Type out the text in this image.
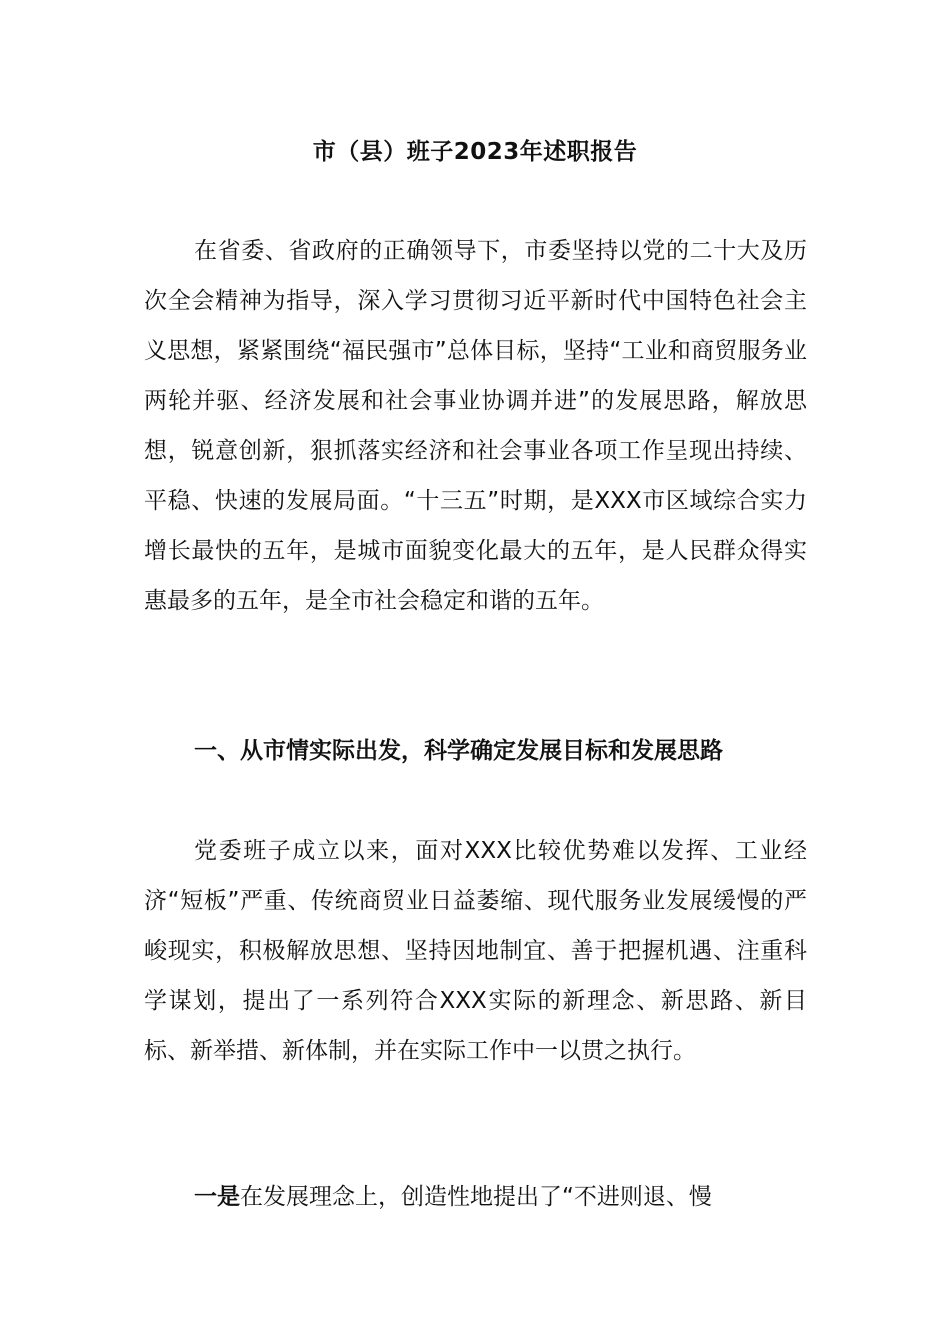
市（县）班子2023年述职报告

在省委、省政府的正确领导下，市委坚持以党的二十大及历次全会精神为指导，深入学习贯彻习近平新时代中国特色社会主义思想，紧紧围绕“福民强市”总体目标，坚持“工业和商贸服务业两轮并驱、经济发展和社会事业协调并进”的发展思路，解放思想，锐意创新，狠抓落实经济和社会事业各项工作呈现出持续、平稳、快速的发展局面。“十三五”时期，是XXX市区域综合实力增长最快的五年，是城市面貌变化最大的五年，是人民群众得实惠最多的五年，是全市社会稳定和谐的五年。

一、从市情实际出发，科学确定发展目标和发展思路

党委班子成立以来，面对XXX比较优势难以发挥、工业经济“短板”严重、传统商贸业日益萎缩、现代服务业发展缓慢的严峻现实，积极解放思想、坚持因地制宜、善于把握机遇、注重科学谋划，提出了一系列符合XXX实际的新理念、新思路、新目标、新举措、新体制，并在实际工作中一以贯之执行。

一是在发展理念上，创造性地提出了“不进则退、慢
